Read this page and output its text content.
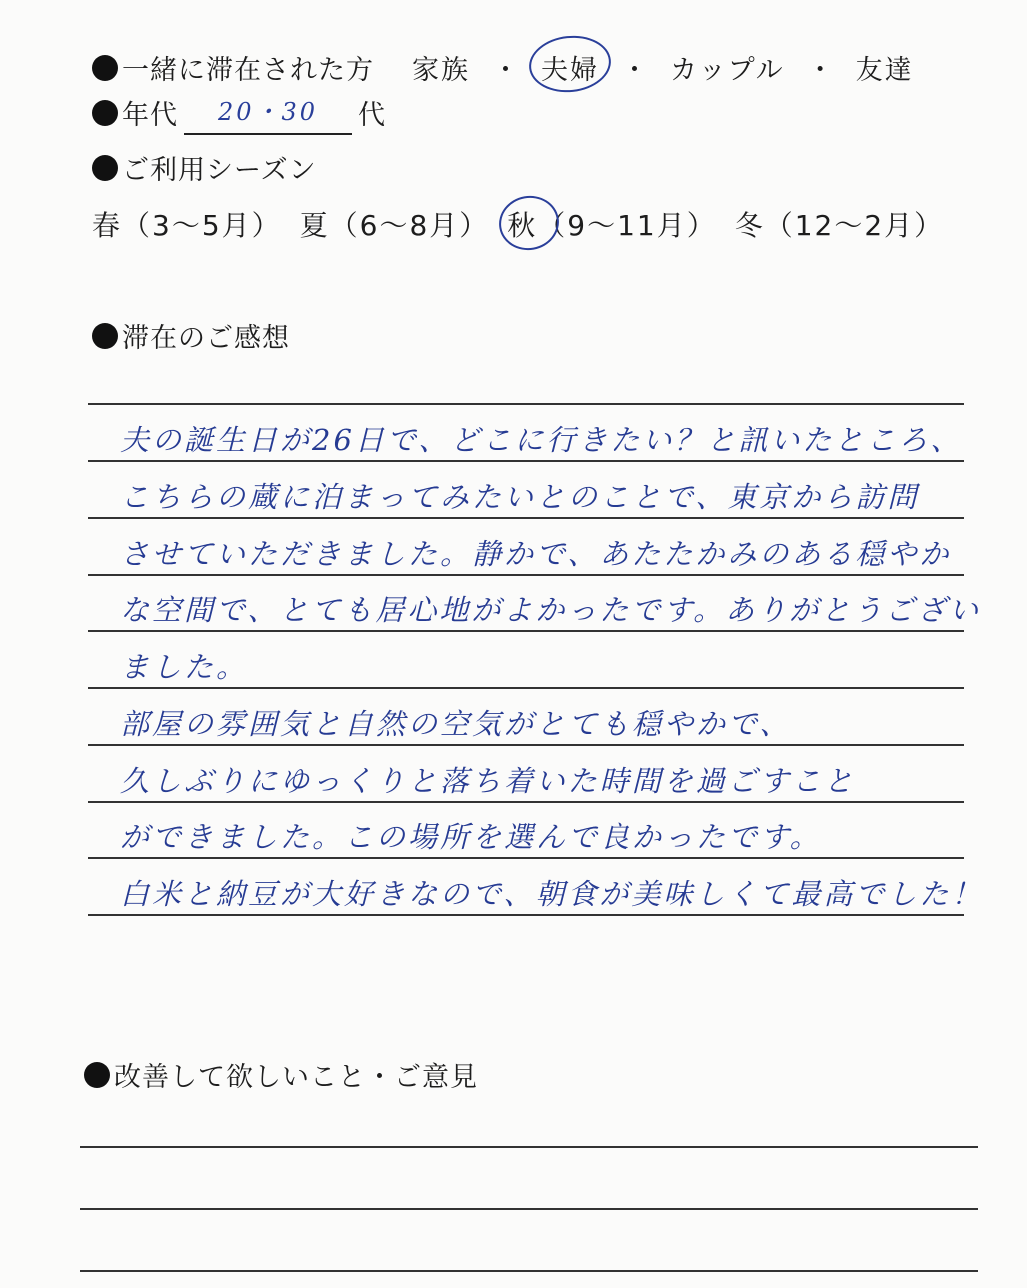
一緒に滞在された方 家族 ・ 夫婦 ・ カップル ・ 友達
年代	20・30	代
ご利用シーズン
春（3〜5月） 夏（6〜8月） 秋（9〜11月） 冬（12〜2月）
滞在のご感想
夫の誕生日が26日で、どこに行きたい？と訊いたところ、
こちらの蔵に泊まってみたいとのことで、東京から訪問
させていただきました。静かで、あたたかみのある穏やか
な空間で、とても居心地がよかったです。ありがとうござい
ました。
部屋の雰囲気と自然の空気がとても穏やかで、
久しぶりにゆっくりと落ち着いた時間を過ごすこと
ができました。この場所を選んで良かったです。
白米と納豆が大好きなので、朝食が美味しくて最高でした！
改善して欲しいこと・ご意見
